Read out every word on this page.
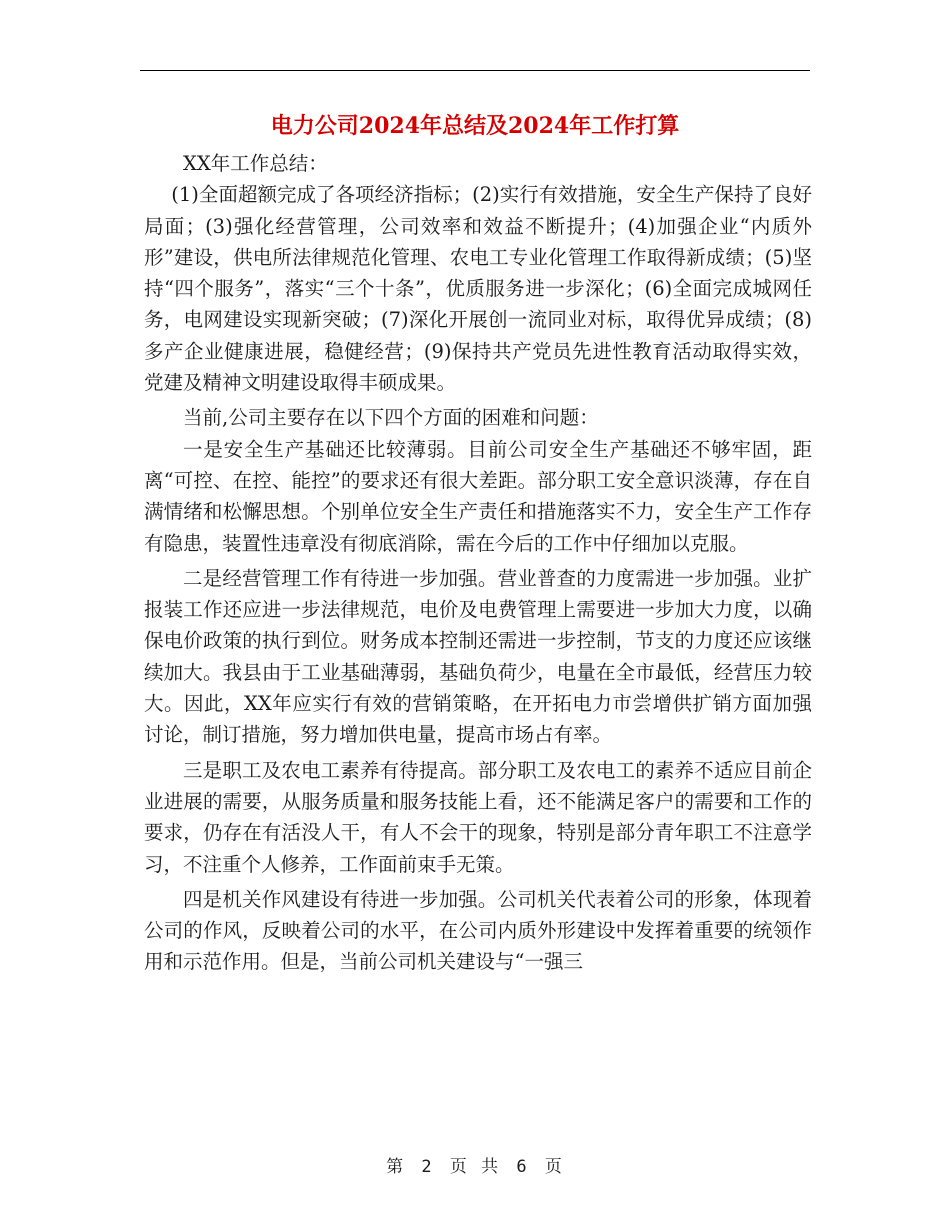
电力公司2024年总结及2024年工作打算

XX年工作总结：

(1)全面超额完成了各项经济指标；(2)实行有效措施，安全生产保持了良好局面；(3)强化经营管理，公司效率和效益不断提升；(4)加强企业“内质外形”建设，供电所法律规范化管理、农电工专业化管理工作取得新成绩；(5)坚持“四个服务”，落实“三个十条”，优质服务进一步深化；(6)全面完成城网任务，电网建设实现新突破；(7)深化开展创一流同业对标，取得优异成绩；(8)多产企业健康进展，稳健经营；(9)保持共产党员先进性教育活动取得实效，党建及精神文明建设取得丰硕成果。

当前,公司主要存在以下四个方面的困难和问题：

一是安全生产基础还比较薄弱。目前公司安全生产基础还不够牢固，距离“可控、在控、能控”的要求还有很大差距。部分职工安全意识淡薄，存在自满情绪和松懈思想。个别单位安全生产责任和措施落实不力，安全生产工作存有隐患，装置性违章没有彻底消除，需在今后的工作中仔细加以克服。

二是经营管理工作有待进一步加强。营业普查的力度需进一步加强。业扩报装工作还应进一步法律规范，电价及电费管理上需要进一步加大力度，以确保电价政策的执行到位。财务成本控制还需进一步控制，节支的力度还应该继续加大。我县由于工业基础薄弱，基础负荷少，电量在全市最低，经营压力较大。因此，XX年应实行有效的营销策略，在开拓电力市尝增供扩销方面加强讨论，制订措施，努力增加供电量，提高市场占有率。

三是职工及农电工素养有待提高。部分职工及农电工的素养不适应目前企业进展的需要，从服务质量和服务技能上看，还不能满足客户的需要和工作的要求，仍存在有活没人干，有人不会干的现象，特别是部分青年职工不注意学习，不注重个人修养，工作面前束手无策。

四是机关作风建设有待进一步加强。公司机关代表着公司的形象，体现着公司的作风，反映着公司的水平，在公司内质外形建设中发挥着重要的统领作用和示范作用。但是，当前公司机关建设与“一强三

第 2 页 共 6 页
